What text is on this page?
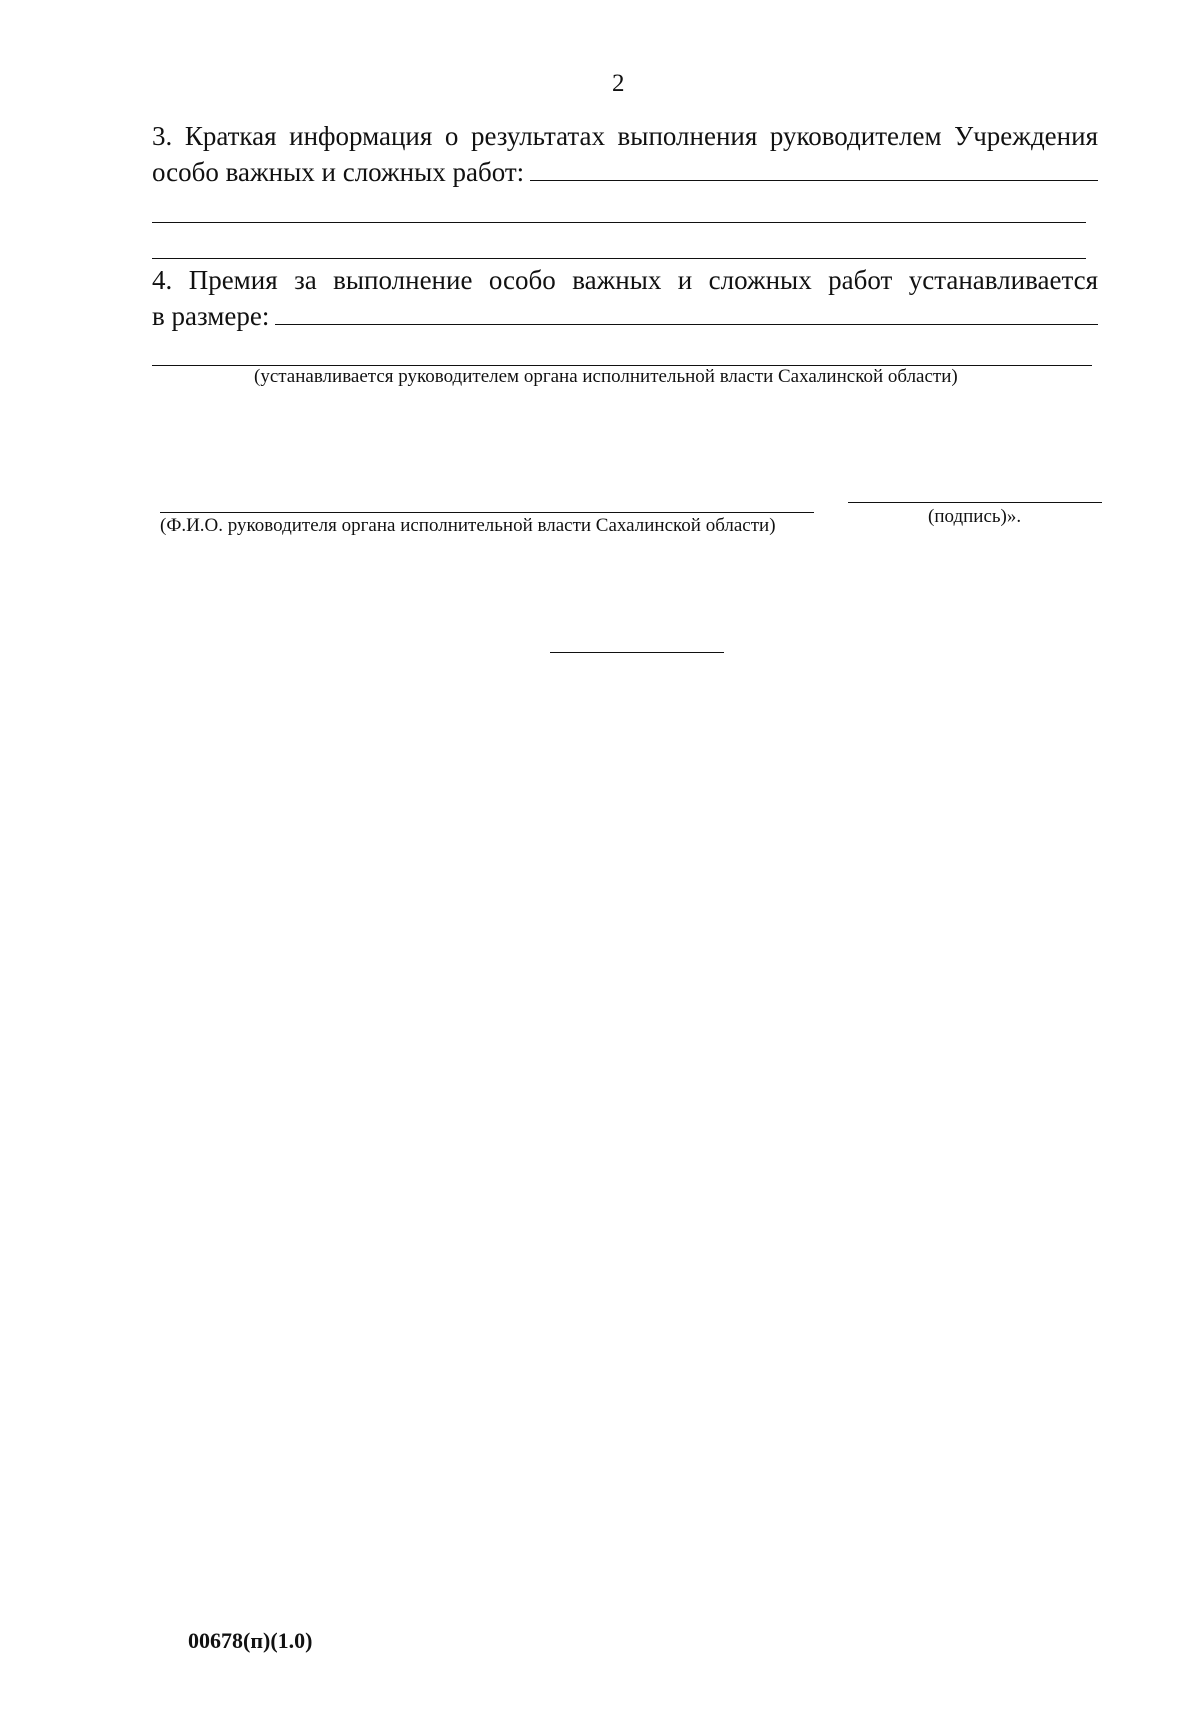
2
3. Краткая информация о результатах выполнения руководителем Учреждения
особо важных и сложных работ:
4. Премия за выполнение особо важных и сложных работ устанавливается
в размере:
(устанавливается руководителем органа исполнительной власти Сахалинской области)
(Ф.И.О. руководителя органа исполнительной власти Сахалинской области)	(подпись)».
00678(п)(1.0)
